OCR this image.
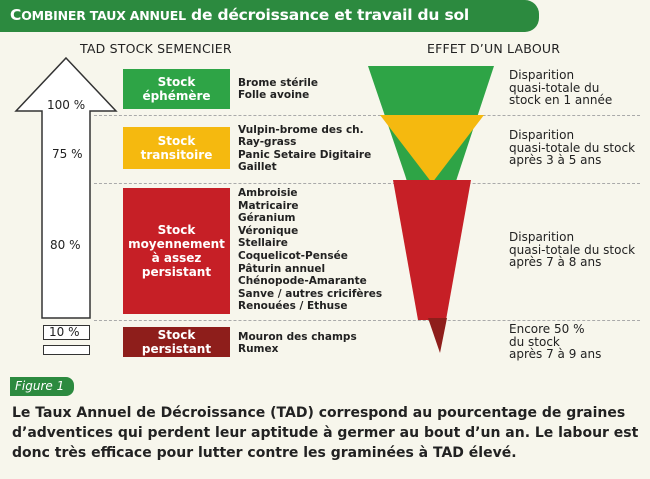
COMBINER TAUX ANNUEL de décroissance et travail du sol
TAD STOCK SEMENCIER	EFFET D’UN LABOUR
100 %
75 %
80 %
10 %
Stock
éphémère
Stock
transitoire
Stock
moyennement
à assez
persistant
Stock
persistant
Brome stérile
Folle avoine
Vulpin-brome des ch.
Ray-grass
Panic Setaire Digitaire
Gaillet
Ambroisie
Matricaire
Géranium
Véronique
Stellaire
Coquelicot-Pensée
Pâturin annuel
Chénopode-Amarante
Sanve / autres cricifères
Renouées / Ethuse
Mouron des champs
Rumex
Disparition
quasi-totale du
stock en 1 année
Disparition
quasi-totale du stock
après 3 à 5 ans
Disparition
quasi-totale du stock
après 7 à 8 ans
Encore 50 %
du stock
après 7 à 9 ans
Figure 1
Le Taux Annuel de Décroissance (TAD) correspond au pourcentage de graines
d’adventices qui perdent leur aptitude à germer au bout d’un an. Le labour est
donc très efficace pour lutter contre les graminées à TAD élevé.
